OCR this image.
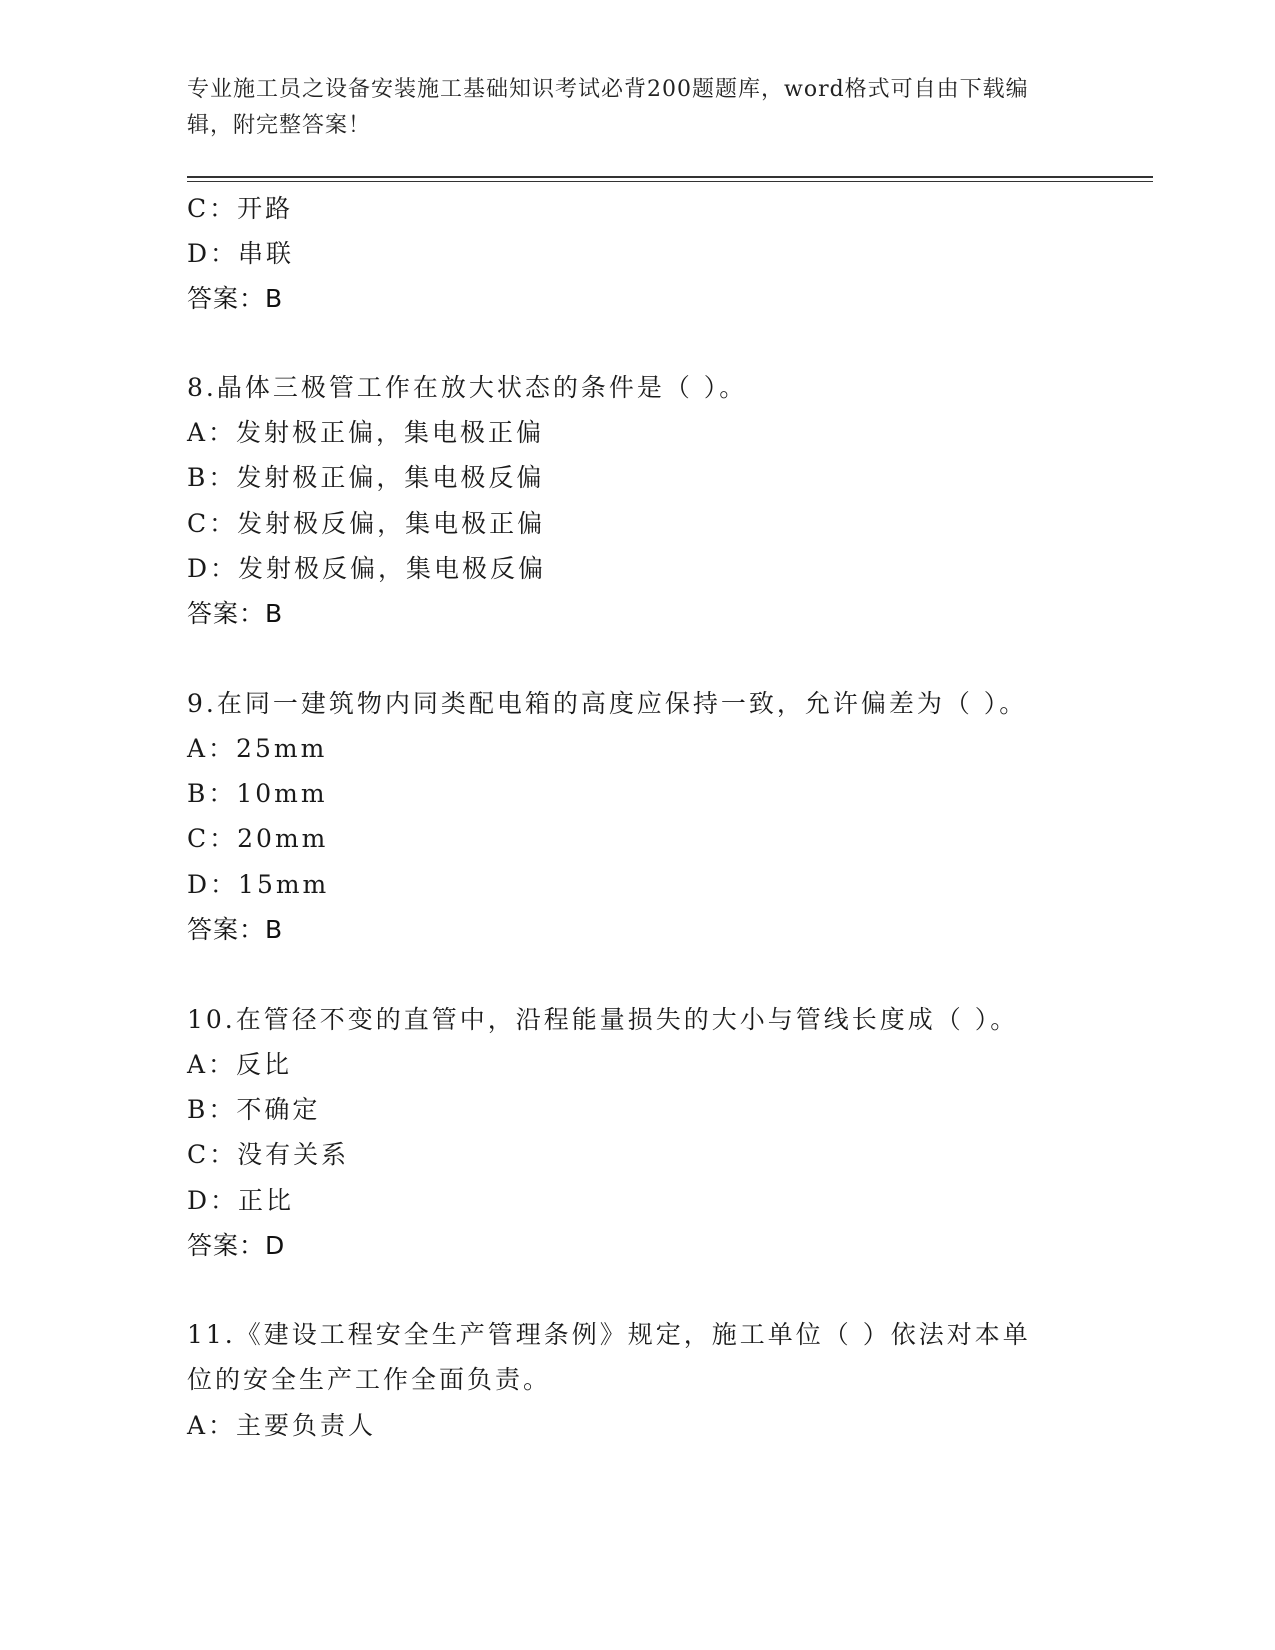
专业施工员之设备安装施工基础知识考试必背200题题库，word格式可自由下载编辑，附完整答案！
C：开路
D：串联
答案：B
8.晶体三极管工作在放大状态的条件是（ ）。
A：发射极正偏，集电极正偏
B：发射极正偏，集电极反偏
C：发射极反偏，集电极正偏
D：发射极反偏，集电极反偏
答案：B
9.在同一建筑物内同类配电箱的高度应保持一致，允许偏差为（ ）。
A：25mm
B：10mm
C：20mm
D：15mm
答案：B
10.在管径不变的直管中，沿程能量损失的大小与管线长度成（ ）。
A：反比
B：不确定
C：没有关系
D：正比
答案：D
11.《建设工程安全生产管理条例》规定，施工单位（ ）依法对本单
位的安全生产工作全面负责。
A：主要负责人
